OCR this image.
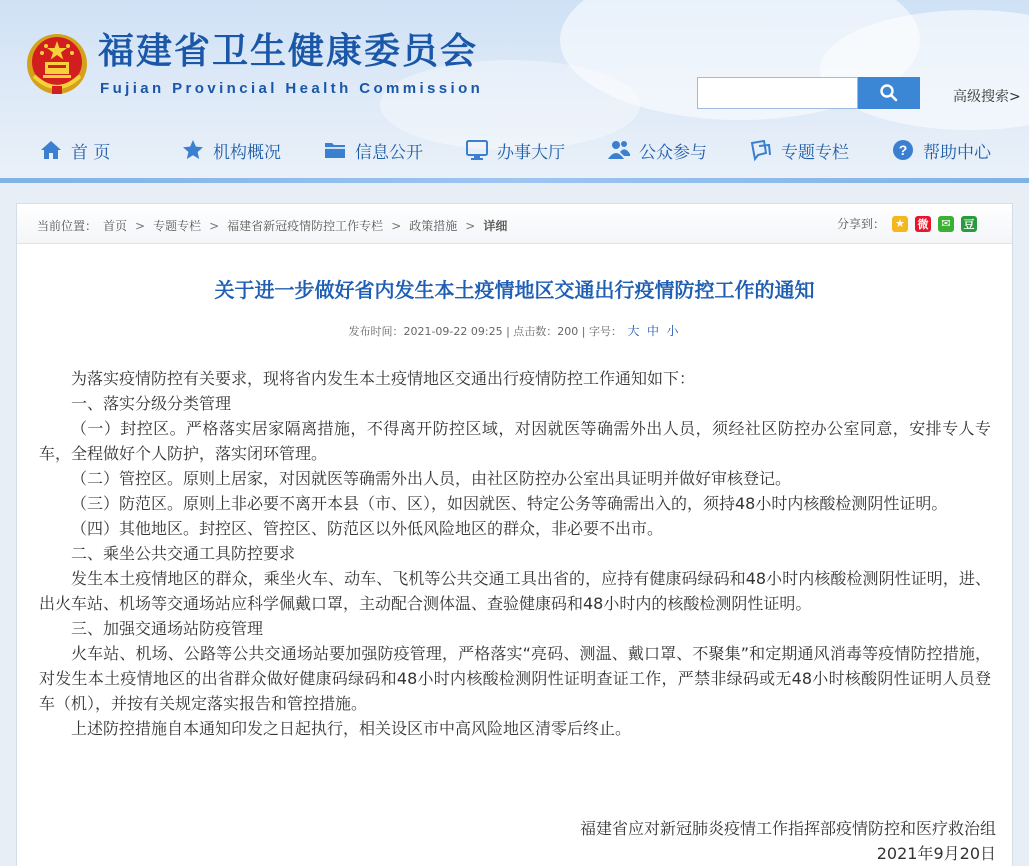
福建省卫生健康委员会
Fujian Provincial Health Commission	高级搜索>
首 页	机构概况	信息公开	办事大厅	公众参与	专题专栏	? 帮助中心
当前位置： 首页 > 专题专栏 > 福建省新冠疫情防控工作专栏 > 政策措施 > 详细	分享到： ★ 微	✉	豆
关于进一步做好省内发生本土疫情地区交通出行疫情防控工作的通知
发布时间：2021-09-22 09:25 | 点击数：200 | 字号： 大 中 小

为落实疫情防控有关要求，现将省内发生本土疫情地区交通出行疫情防控工作通知如下：

一、落实分级分类管理

（一）封控区。严格落实居家隔离措施，不得离开防控区域，对因就医等确需外出人员，须经社区防控办公室同意，安排专人专车，全程做好个人防护，落实闭环管理。

（二）管控区。原则上居家，对因就医等确需外出人员，由社区防控办公室出具证明并做好审核登记。

（三）防范区。原则上非必要不离开本县（市、区），如因就医、特定公务等确需出入的，须持48小时内核酸检测阴性证明。

（四）其他地区。封控区、管控区、防范区以外低风险地区的群众，非必要不出市。

二、乘坐公共交通工具防控要求

发生本土疫情地区的群众，乘坐火车、动车、飞机等公共交通工具出省的，应持有健康码绿码和48小时内核酸检测阴性证明，进、出火车站、机场等交通场站应科学佩戴口罩，主动配合测体温、查验健康码和48小时内的核酸检测阴性证明。

三、加强交通场站防疫管理

火车站、机场、公路等公共交通场站要加强防疫管理，严格落实“亮码、测温、戴口罩、不聚集”和定期通风消毒等疫情防控措施，对发生本土疫情地区的出省群众做好健康码绿码和48小时内核酸检测阴性证明查证工作，严禁非绿码或无48小时核酸阴性证明人员登车（机），并按有关规定落实报告和管控措施。

上述防控措施自本通知印发之日起执行，相关设区市中高风险地区清零后终止。

福建省应对新冠肺炎疫情工作指挥部疫情防控和医疗救治组
2021年9月20日
